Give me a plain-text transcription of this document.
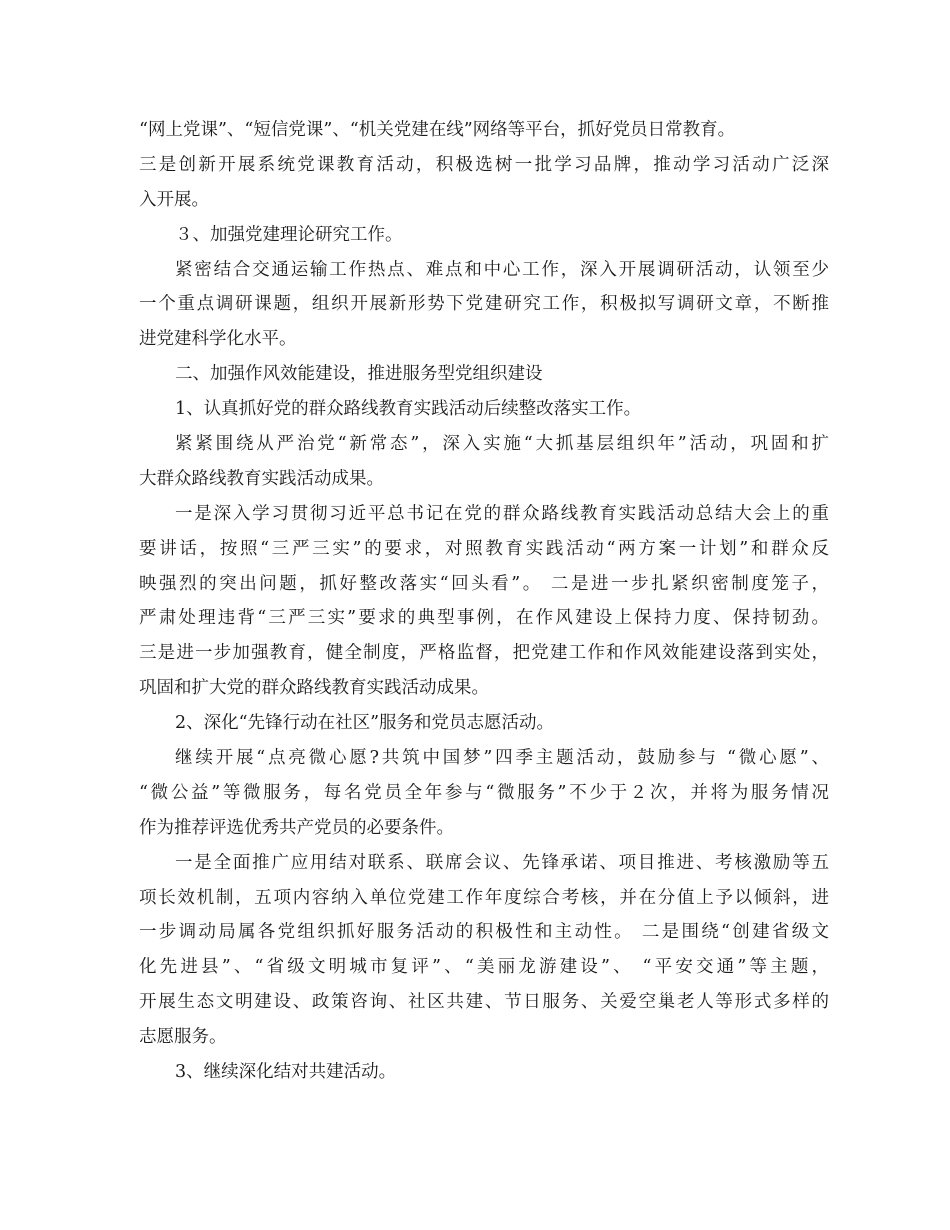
“网上党课”、“短信党课”、“机关党建在线”网络等平台，抓好党员日常教育。
三是创新开展系统党课教育活动，积极选树一批学习品牌，推动学习活动广泛深
入开展。
３、加强党建理论研究工作。
紧密结合交通运输工作热点、难点和中心工作，深入开展调研活动，认领至少
一个重点调研课题，组织开展新形势下党建研究工作，积极拟写调研文章，不断推
进党建科学化水平。
二、加强作风效能建设，推进服务型党组织建设
1、认真抓好党的群众路线教育实践活动后续整改落实工作。
紧紧围绕从严治党“新常态”，深入实施“大抓基层组织年”活动，巩固和扩
大群众路线教育实践活动成果。
一是深入学习贯彻习近平总书记在党的群众路线教育实践活动总结大会上的重
要讲话，按照“三严三实”的要求，对照教育实践活动“两方案一计划”和群众反
映强烈的突出问题，抓好整改落实“回头看”。 二是进一步扎紧织密制度笼子，
严肃处理违背“三严三实”要求的典型事例，在作风建设上保持力度、保持韧劲。
三是进一步加强教育，健全制度，严格监督，把党建工作和作风效能建设落到实处，
巩固和扩大党的群众路线教育实践活动成果。
2、深化“先锋行动在社区”服务和党员志愿活动。
继续开展“点亮微心愿?共筑中国梦”四季主题活动，鼓励参与 “微心愿”、
“微公益”等微服务，每名党员全年参与“微服务”不少于２次，并将为服务情况
作为推荐评选优秀共产党员的必要条件。
一是全面推广应用结对联系、联席会议、先锋承诺、项目推进、考核激励等五
项长效机制，五项内容纳入单位党建工作年度综合考核，并在分值上予以倾斜，进
一步调动局属各党组织抓好服务活动的积极性和主动性。 二是围绕“创建省级文
化先进县”、“省级文明城市复评”、“美丽龙游建设”、 “平安交通”等主题，
开展生态文明建设、政策咨询、社区共建、节日服务、关爱空巢老人等形式多样的
志愿服务。
3、继续深化结对共建活动。
